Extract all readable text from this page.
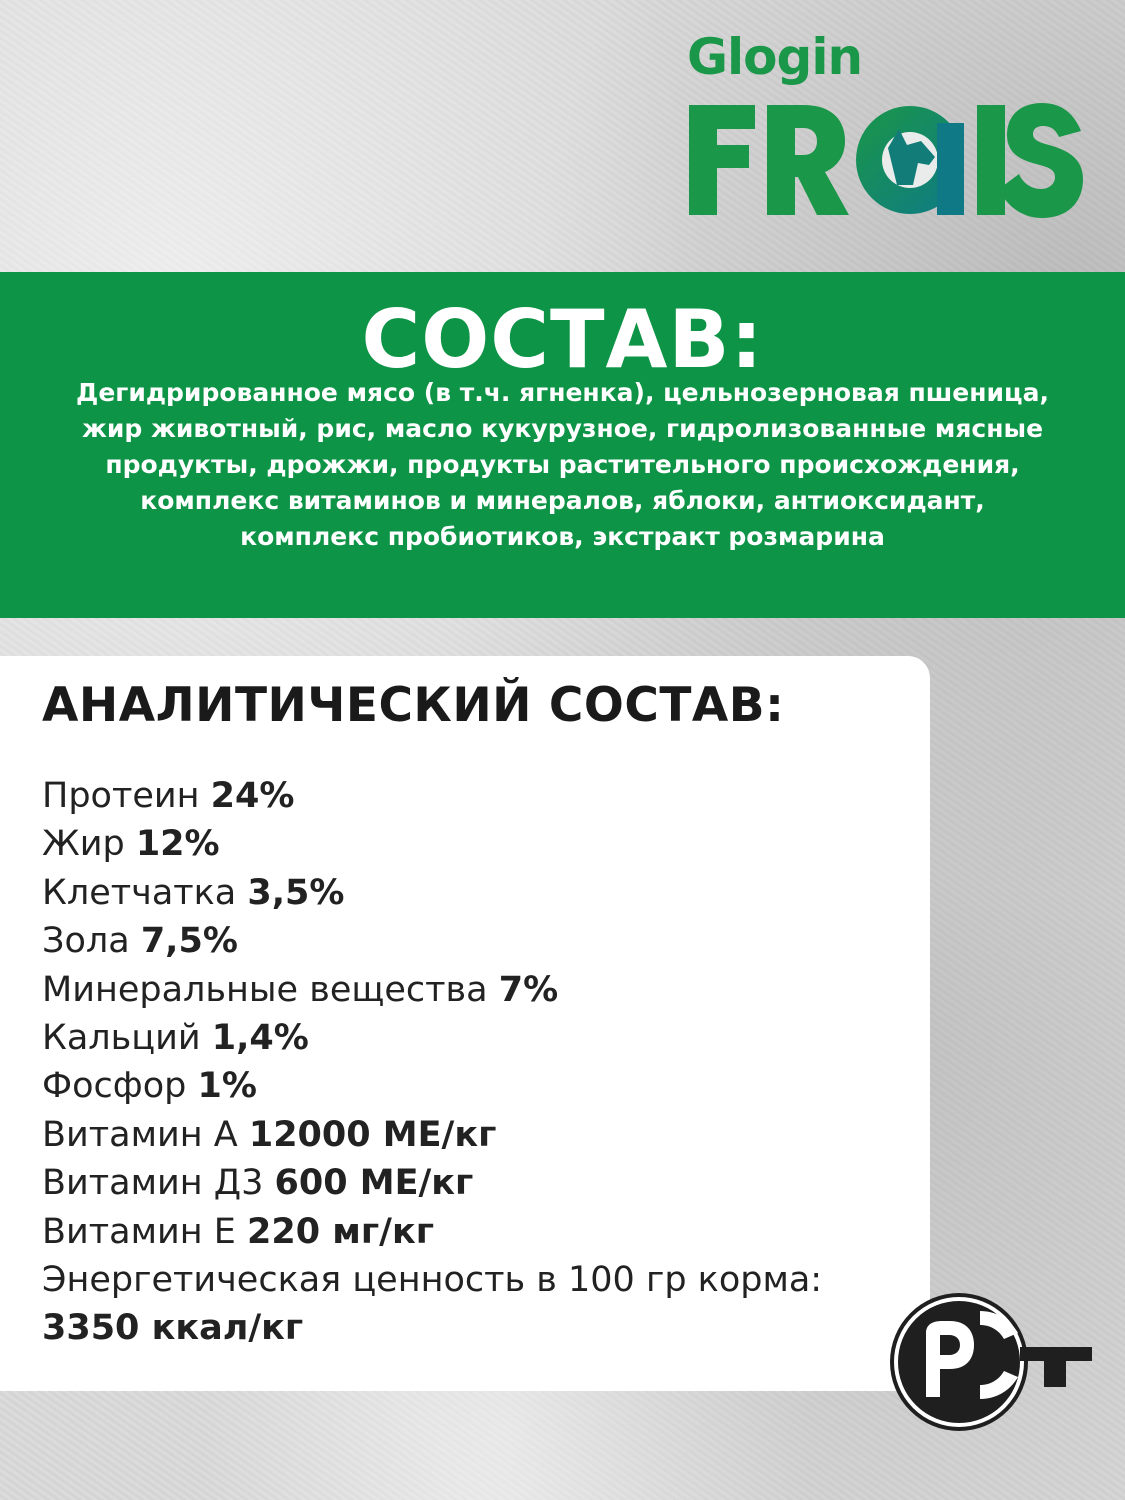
Glogin
СОСТАВ:

Дегидрированное мясо (в т.ч. ягненка), цельнозерновая пшеница, жир животный, рис, масло кукурузное, гидролизованные мясные продукты, дрожжи, продукты растительного происхождения, комплекс витаминов и минералов, яблоки, антиоксидант, комплекс пробиотиков, экстракт розмарина

АНАЛИТИЧЕСКИЙ СОСТАВ:
Протеин 24%
Жир 12%
Клетчатка 3,5%
Зола 7,5%
Минеральные вещества 7%
Кальций 1,4%
Фосфор 1%
Витамин А 12000 МЕ/кг
Витамин Д3 600 МЕ/кг
Витамин Е 220 мг/кг
Энергетическая ценность в 100 гр корма:
3350 ккал/кг
